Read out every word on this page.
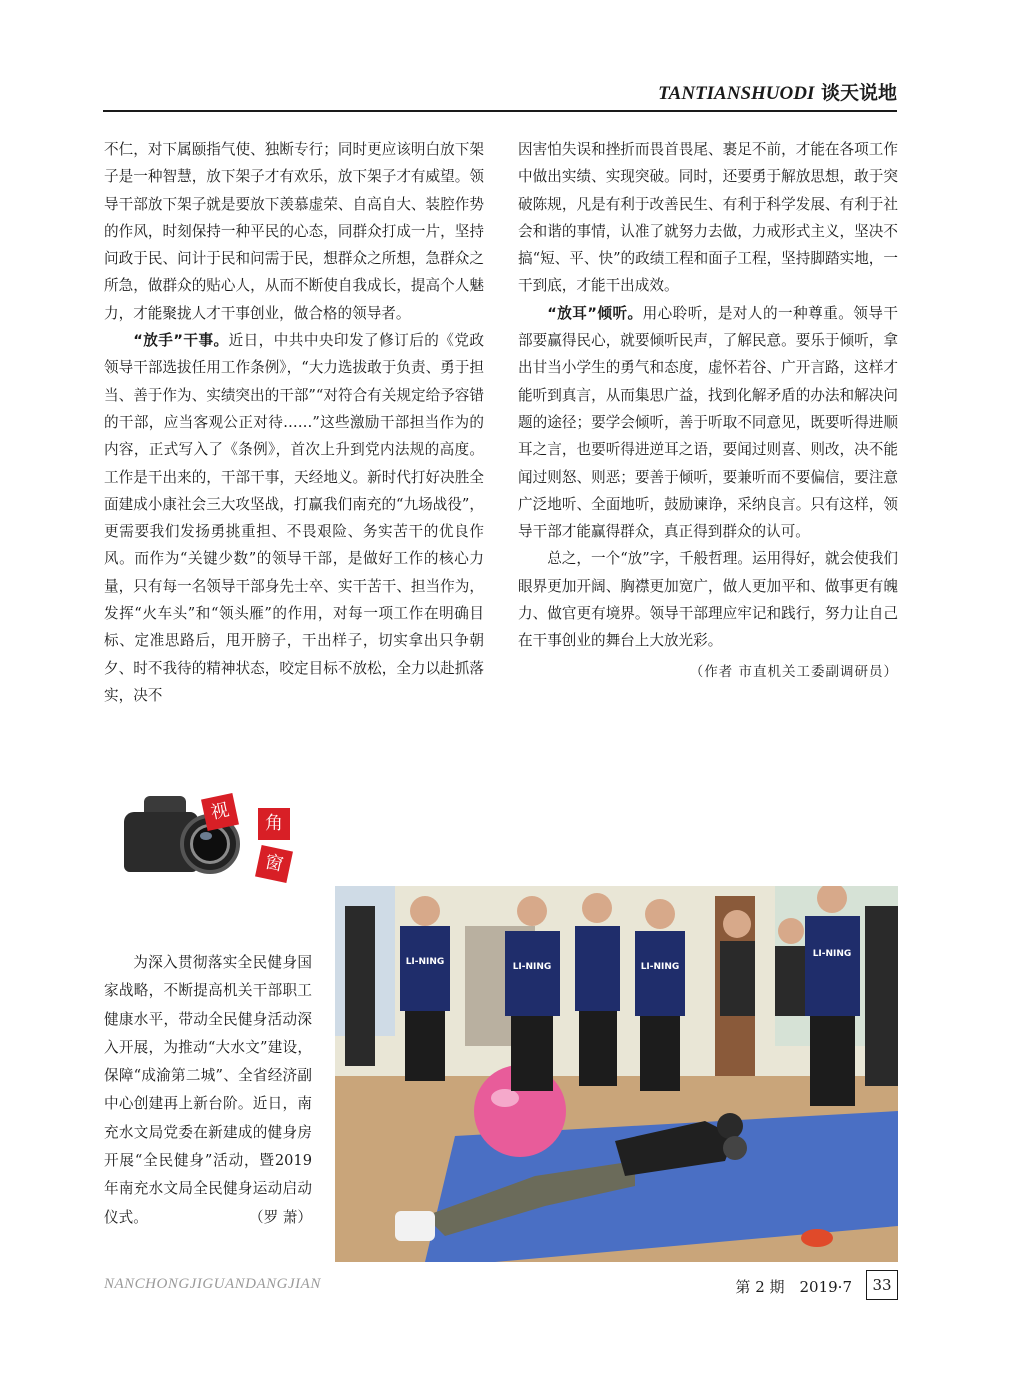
TANTIANSHUODI 谈天说地

不仁，对下属颐指气使、独断专行；同时更应该明白放下架子是一种智慧，放下架子才有欢乐，放下架子才有威望。领导干部放下架子就是要放下羡慕虚荣、自高自大、装腔作势的作风，时刻保持一种平民的心态，同群众打成一片，坚持问政于民、问计于民和问需于民，想群众之所想，急群众之所急，做群众的贴心人，从而不断使自我成长，提高个人魅力，才能聚拢人才干事创业，做合格的领导者。

“放手”干事。近日，中共中央印发了修订后的《党政领导干部选拔任用工作条例》，“大力选拔敢于负责、勇于担当、善于作为、实绩突出的干部”“对符合有关规定给予容错的干部，应当客观公正对待……”这些激励干部担当作为的内容，正式写入了《条例》，首次上升到党内法规的高度。工作是干出来的，干部干事，天经地义。新时代打好决胜全面建成小康社会三大攻坚战，打赢我们南充的“九场战役”，更需要我们发扬勇挑重担、不畏艰险、务实苦干的优良作风。而作为“关键少数”的领导干部，是做好工作的核心力量，只有每一名领导干部身先士卒、实干苦干、担当作为，发挥“火车头”和“领头雁”的作用，对每一项工作在明确目标、定准思路后，甩开膀子，干出样子，切实拿出只争朝夕、时不我待的精神状态，咬定目标不放松，全力以赴抓落实，决不

因害怕失误和挫折而畏首畏尾、裹足不前，才能在各项工作中做出实绩、实现突破。同时，还要勇于解放思想，敢于突破陈规，凡是有利于改善民生、有利于科学发展、有利于社会和谐的事情，认准了就努力去做，力戒形式主义，坚决不搞“短、平、快”的政绩工程和面子工程，坚持脚踏实地，一干到底，才能干出成效。

“放耳”倾听。用心聆听，是对人的一种尊重。领导干部要赢得民心，就要倾听民声，了解民意。要乐于倾听，拿出甘当小学生的勇气和态度，虚怀若谷、广开言路，这样才能听到真言，从而集思广益，找到化解矛盾的办法和解决问题的途径；要学会倾听，善于听取不同意见，既要听得进顺耳之言，也要听得进逆耳之语，要闻过则喜、则改，决不能闻过则怒、则恶；要善于倾听，要兼听而不要偏信，要注意广泛地听、全面地听，鼓励谏诤，采纳良言。只有这样，领导干部才能赢得群众，真正得到群众的认可。

总之，一个“放”字，千般哲理。运用得好，就会使我们眼界更加开阔、胸襟更加宽广，做人更加平和、做事更有魄力、做官更有境界。领导干部理应牢记和践行，努力让自己在干事创业的舞台上大放光彩。

（作者 市直机关工委副调研员）
视	角
窗

为深入贯彻落实全民健身国家战略，不断提高机关干部职工健康水平，带动全民健身活动深入开展，为推动“大水文”建设，保障“成渝第二城”、全省经济副中心创建再上新台阶。近日，南充水文局党委在新建成的健身房开展“全民健身”活动，暨2019年南充水文局全民健身运动启动仪式。	（罗 萧）

LI-NING	LI-NING	LI-NING
LI-NING
NANCHONGJIGUANDANGJIAN	第 2 期　2019·7	33
